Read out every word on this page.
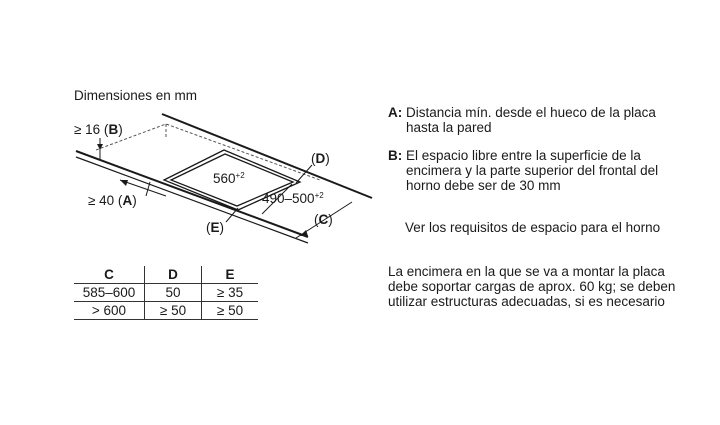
Dimensiones en mm
≥ 16 (B)
≥ 40 (A)
(D)
(C)
(E)
$560^{+2}$
$490-500^{+2}$
C	D	E
585–600	50	≥ 35
> 600	≥ 50	≥ 50
A: Distancia mín. desde el hueco de la placa hasta la pared
B: El espacio libre entre la superficie de la encimera y la parte superior del frontal del horno debe ser de 30 mm
Ver los requisitos de espacio para el horno
La encimera en la que se va a montar la placa debe soportar cargas de aprox. 60 kg; se deben utilizar estructuras adecuadas, si es necesario
